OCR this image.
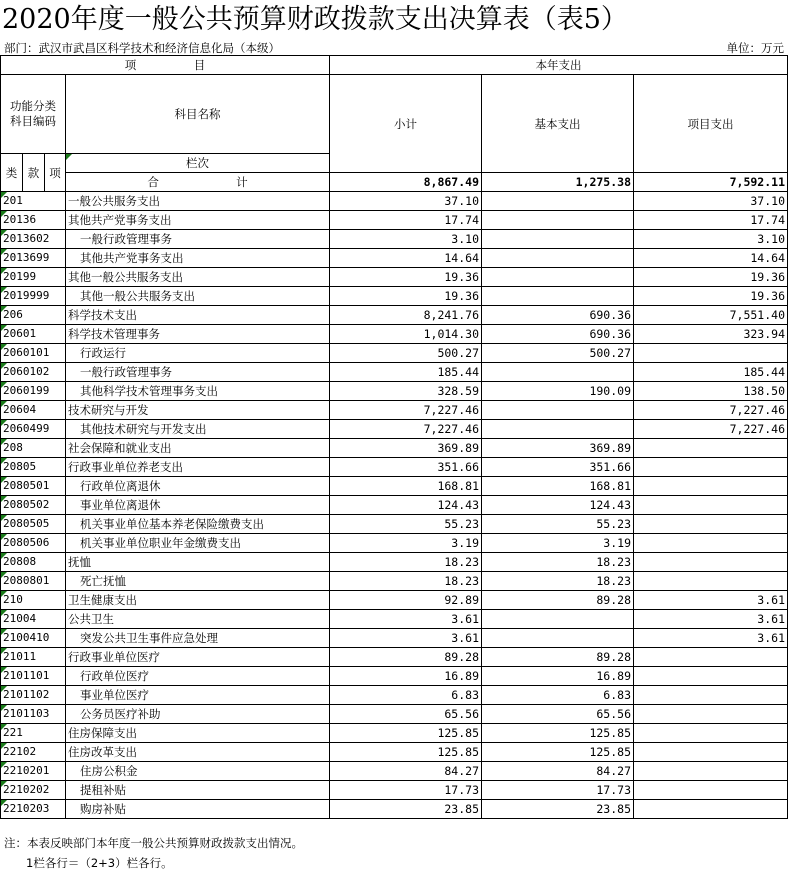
2020年度一般公共预算财政拨款支出决算表（表5）
部门：武汉市武昌区科学技术和经济信息化局（本级）	单位：万元
项　　　　　目				本年支出			

功能分类
科目编码			科目名称	小计	基本支出	项目支出	
类	款	项	栏次			
			合 计	8,867.49	1,275.38	7,592.11	
201			一般公共服务支出	37.10		37.10	
20136			其他共产党事务支出	17.74		17.74	
2013602			一般行政管理事务	3.10		3.10	
2013699			其他共产党事务支出	14.64		14.64	
20199			其他一般公共服务支出	19.36		19.36	
2019999			其他一般公共服务支出	19.36		19.36	
206			科学技术支出	8,241.76	690.36	7,551.40	
20601			科学技术管理事务	1,014.30	690.36	323.94	
2060101			行政运行	500.27	500.27		
2060102			一般行政管理事务	185.44		185.44	
2060199			其他科学技术管理事务支出	328.59	190.09	138.50	
20604			技术研究与开发	7,227.46		7,227.46	
2060499			其他技术研究与开发支出	7,227.46		7,227.46	
208			社会保障和就业支出	369.89	369.89		
20805			行政事业单位养老支出	351.66	351.66		
2080501			行政单位离退休	168.81	168.81		
2080502			事业单位离退休	124.43	124.43		
2080505			机关事业单位基本养老保险缴费支出	55.23	55.23		
2080506			机关事业单位职业年金缴费支出	3.19	3.19		
20808			抚恤	18.23	18.23		
2080801			死亡抚恤	18.23	18.23		
210			卫生健康支出	92.89	89.28	3.61	
21004			公共卫生	3.61		3.61	
2100410			突发公共卫生事件应急处理	3.61		3.61	
21011			行政事业单位医疗	89.28	89.28		
2101101			行政单位医疗	16.89	16.89		
2101102			事业单位医疗	6.83	6.83		
2101103			公务员医疗补助	65.56	65.56		
221			住房保障支出	125.85	125.85		
22102			住房改革支出	125.85	125.85		
2210201			住房公积金	84.27	84.27		
2210202			提租补贴	17.73	17.73		
2210203			购房补贴	23.85	23.85		
注：本表反映部门本年度一般公共预算财政拨款支出情况。
1栏各行＝（2+3）栏各行。
